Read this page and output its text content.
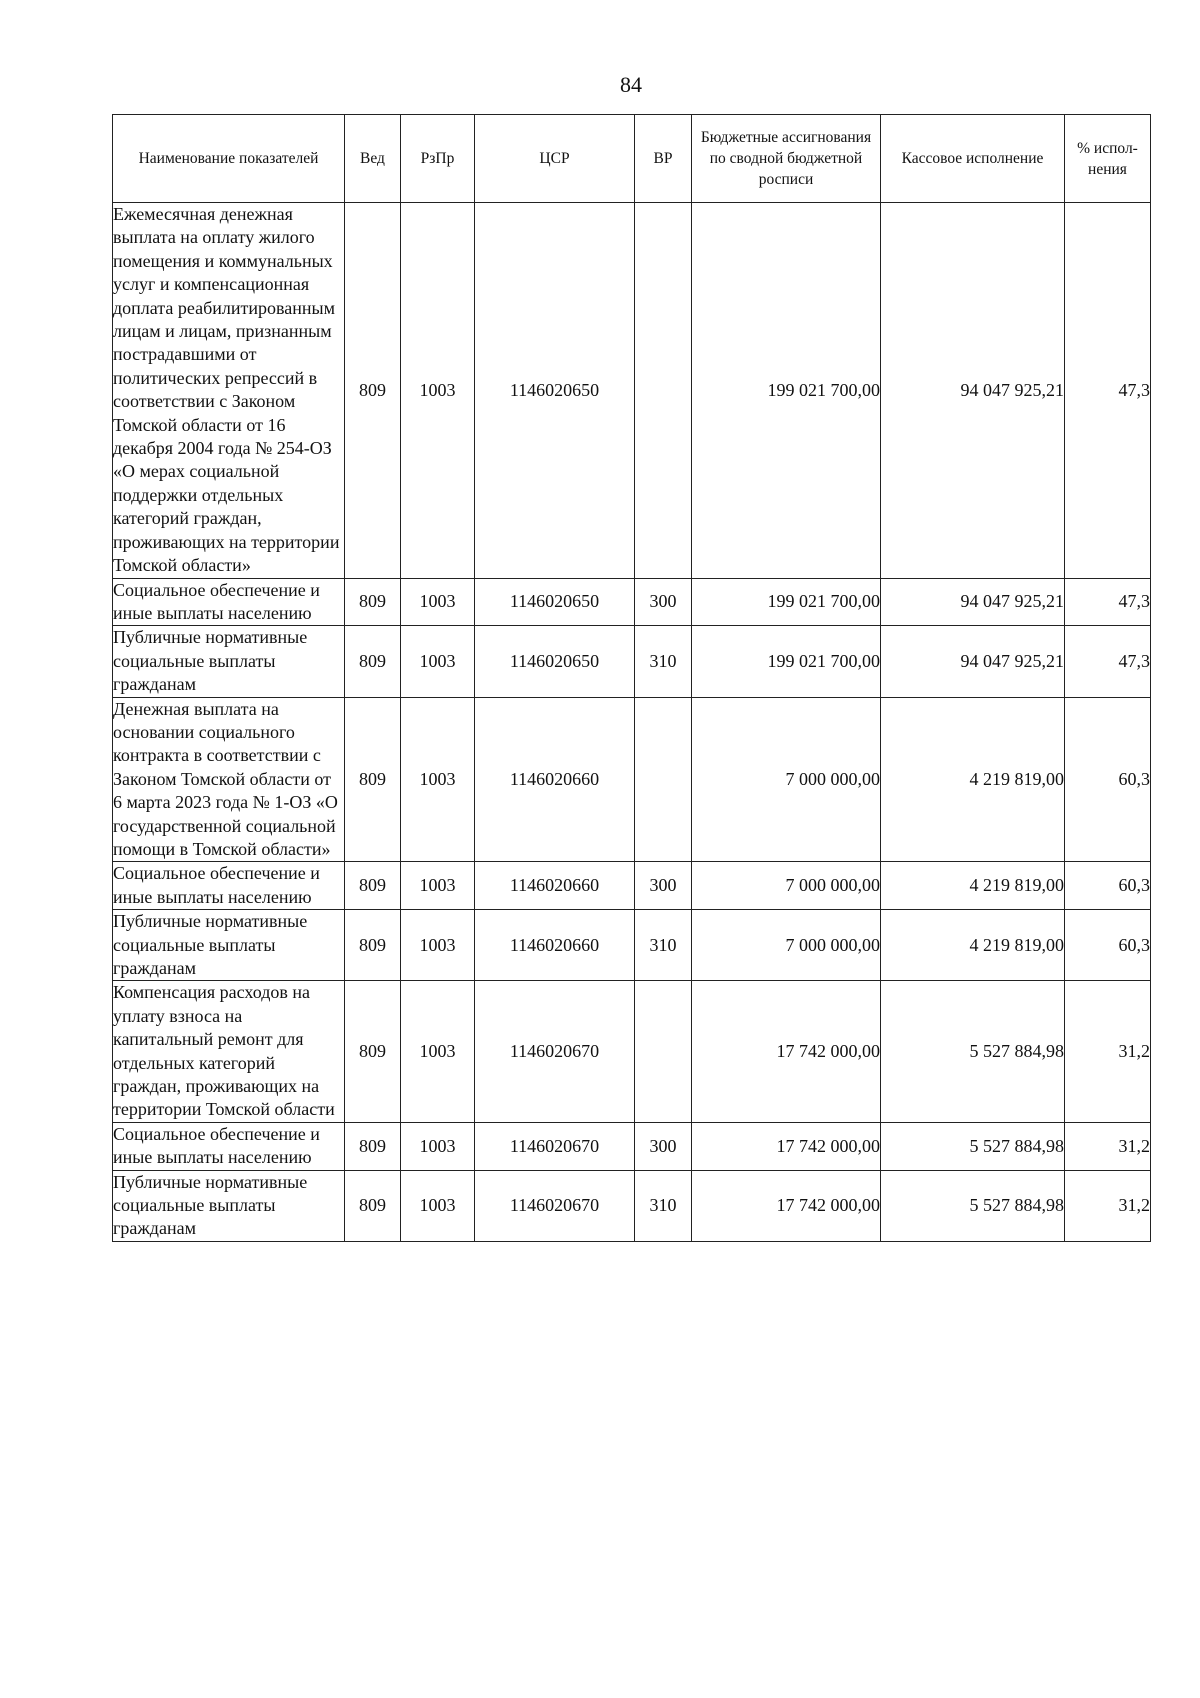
84
Наименование показателей	Вед	РзПр	ЦСР	ВР	Бюджетные ассигнования по сводной бюджетной росписи	Кассовое исполнение	% испол-нения
Ежемесячная денежная выплата на оплату жилого помещения и коммунальных услуг и компенсационная доплата реабилитированным лицам и лицам, признанным пострадавшими от политических репрессий в соответствии с Законом Томской области от 16 декабря 2004 года № 254-ОЗ «О мерах социальной поддержки отдельных категорий граждан, проживающих на территории Томской области»	809	1003	1146020650		199 021 700,00	94 047 925,21	47,3
Социальное обеспечение и иные выплаты населению	809	1003	1146020650	300	199 021 700,00	94 047 925,21	47,3
Публичные нормативные социальные выплаты гражданам	809	1003	1146020650	310	199 021 700,00	94 047 925,21	47,3
Денежная выплата на основании социального контракта в соответствии с Законом Томской области от 6 марта 2023 года № 1-ОЗ «О государственной социальной помощи в Томской области»	809	1003	1146020660		7 000 000,00	4 219 819,00	60,3
Социальное обеспечение и иные выплаты населению	809	1003	1146020660	300	7 000 000,00	4 219 819,00	60,3
Публичные нормативные социальные выплаты гражданам	809	1003	1146020660	310	7 000 000,00	4 219 819,00	60,3
Компенсация расходов на уплату взноса на капитальный ремонт для отдельных категорий граждан, проживающих на территории Томской области	809	1003	1146020670		17 742 000,00	5 527 884,98	31,2
Социальное обеспечение и иные выплаты населению	809	1003	1146020670	300	17 742 000,00	5 527 884,98	31,2
Публичные нормативные социальные выплаты гражданам	809	1003	1146020670	310	17 742 000,00	5 527 884,98	31,2
